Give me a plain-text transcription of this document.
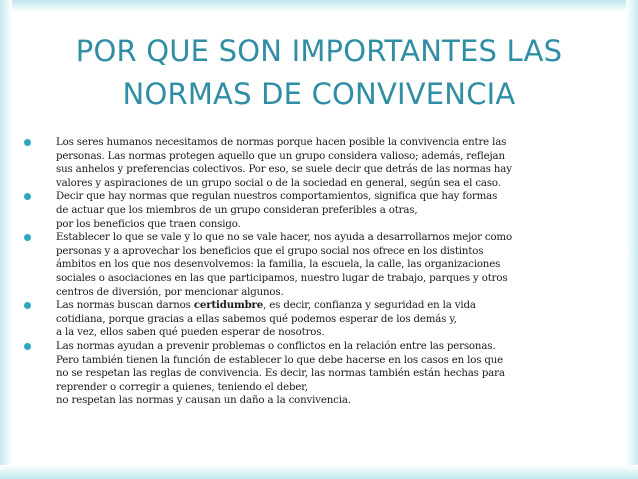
POR QUE SON IMPORTANTES LAS
NORMAS DE CONVIVENCIA
Los seres humanos necesitamos de normas porque hacen posible la convivencia entre las
personas. Las normas protegen aquello que un grupo considera valioso; además, reflejan
sus anhelos y preferencias colectivos. Por eso, se suele decir que detrás de las normas hay
valores y aspiraciones de un grupo social o de la sociedad en general, según sea el caso.
Decir que hay normas que regulan nuestros comportamientos, significa que hay formas
de actuar que los miembros de un grupo consideran preferibles a otras,
por los beneficios que traen consigo.
Establecer lo que se vale y lo que no se vale hacer, nos ayuda a desarrollarnos mejor como
personas y a aprovechar los beneficios que el grupo social nos ofrece en los distintos
ámbitos en los que nos desenvolvemos: la familia, la escuela, la calle, las organizaciones
sociales o asociaciones en las que participamos, nuestro lugar de trabajo, parques y otros
centros de diversión, por mencionar algunos.
Las normas buscan darnos certidumbre, es decir, confianza y seguridad en la vida
cotidiana, porque gracias a ellas sabemos qué podemos esperar de los demás y,
a la vez, ellos saben qué pueden esperar de nosotros.
Las normas ayudan a prevenir problemas o conflictos en la relación entre las personas.
Pero también tienen la función de establecer lo que debe hacerse en los casos en los que
no se respetan las reglas de convivencia. Es decir, las normas también están hechas para
reprender o corregir a quienes, teniendo el deber,
no respetan las normas y causan un daño a la convivencia.
